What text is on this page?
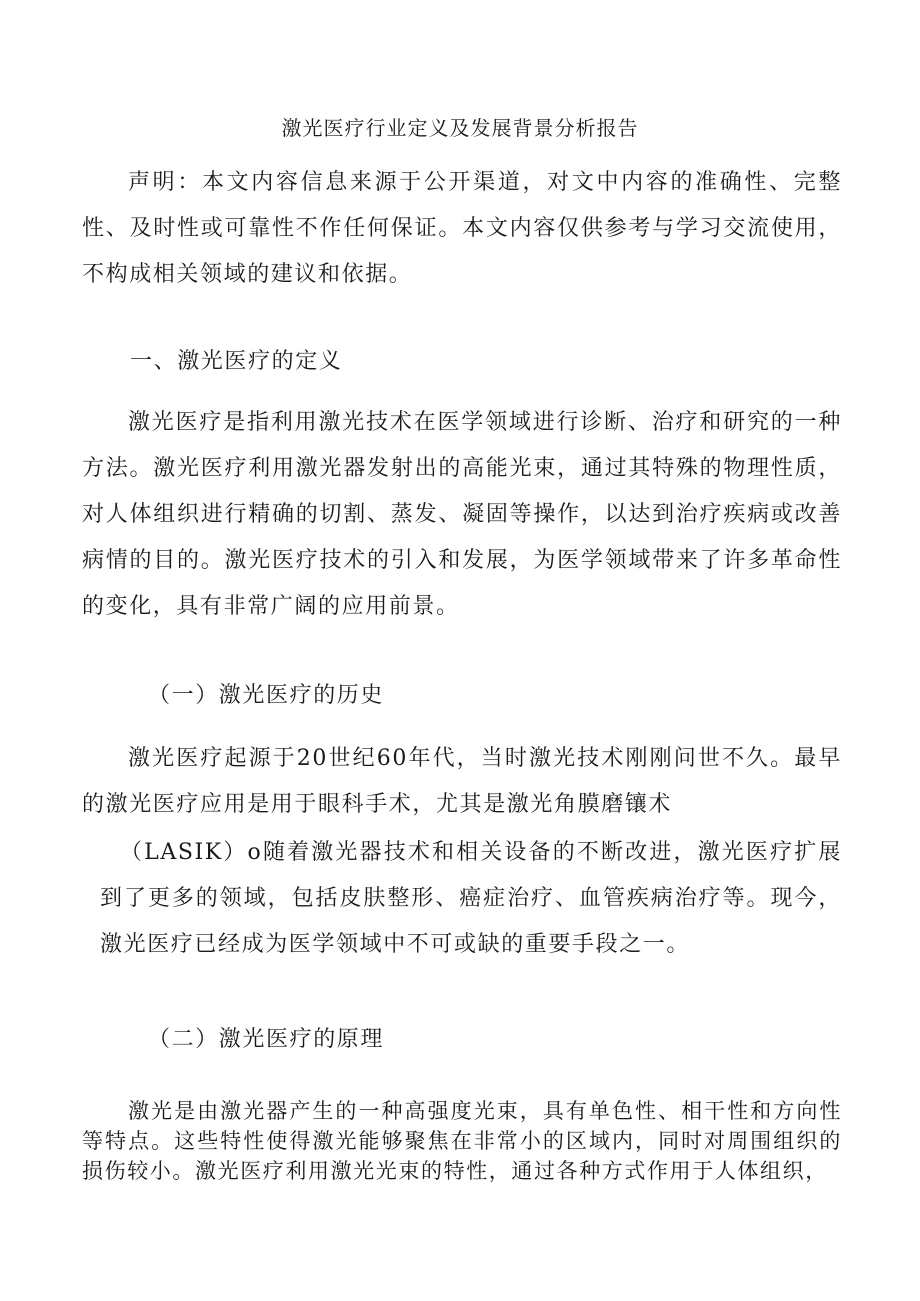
激光医疗行业定义及发展背景分析报告

声明：本文内容信息来源于公开渠道，对文中内容的准确性、完整性、及时性或可靠性不作任何保证。本文内容仅供参考与学习交流使用，不构成相关领域的建议和依据。

一、激光医疗的定义

激光医疗是指利用激光技术在医学领域进行诊断、治疗和研究的一种方法。激光医疗利用激光器发射出的高能光束，通过其特殊的物理性质，对人体组织进行精确的切割、蒸发、凝固等操作，以达到治疗疾病或改善病情的目的。激光医疗技术的引入和发展，为医学领域带来了许多革命性的变化，具有非常广阔的应用前景。

（一）激光医疗的历史

激光医疗起源于20世纪60年代，当时激光技术刚刚问世不久。最早的激光医疗应用是用于眼科手术，尤其是激光角膜磨镶术

（LASIK）o随着激光器技术和相关设备的不断改进，激光医疗扩展到了更多的领域，包括皮肤整形、癌症治疗、血管疾病治疗等。现今，激光医疗已经成为医学领域中不可或缺的重要手段之一。

（二）激光医疗的原理

激光是由激光器产生的一种高强度光束，具有单色性、相干性和方向性等特点。这些特性使得激光能够聚焦在非常小的区域内，同时对周围组织的损伤较小。激光医疗利用激光光束的特性，通过各种方式作用于人体组织，
